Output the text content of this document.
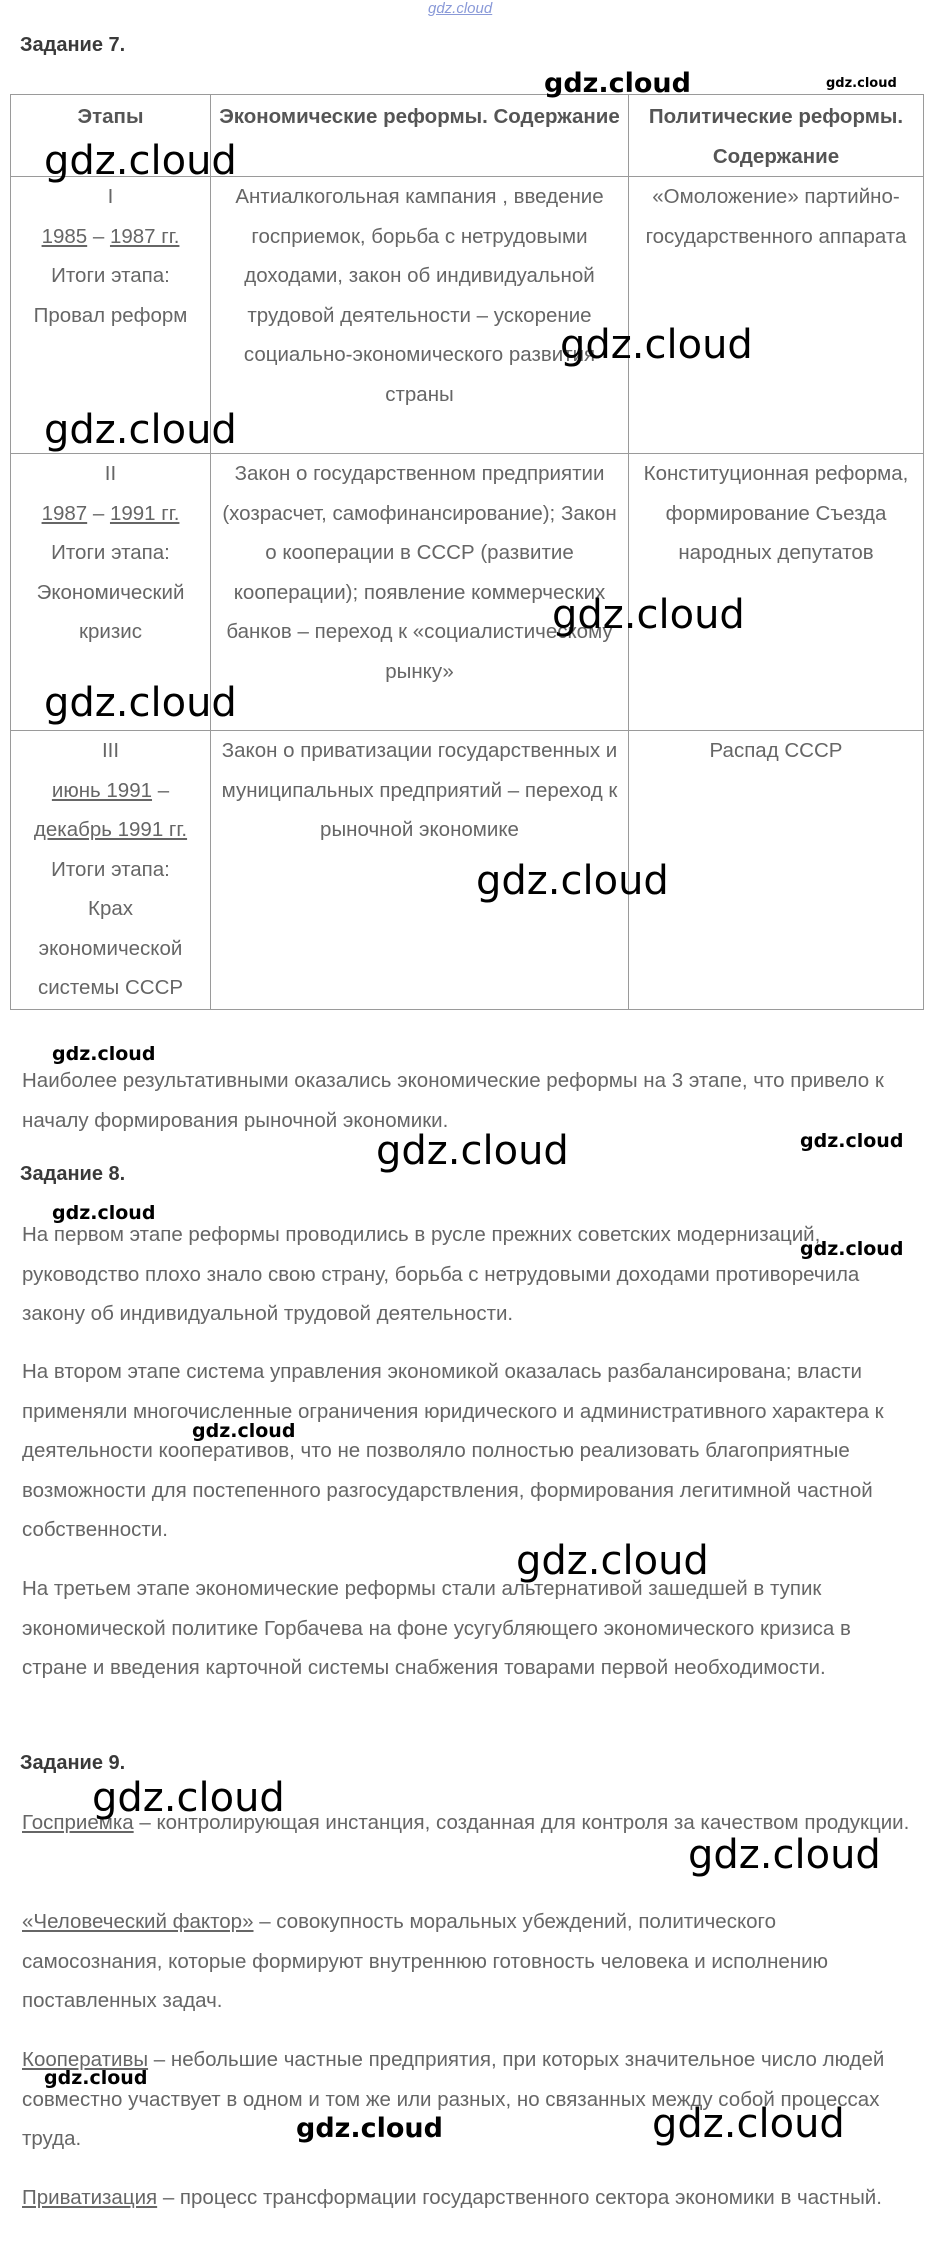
gdz.cloud
Задание 7.
Этапы	Экономические реформы. Содержание	Политические реформы. Содержание

I
1985 – 1987 гг.
Итоги этапа:
Провал реформ	Антиалкогольная кампания , введение госприемок, борьба с нетрудовыми доходами, закон об индивидуальной трудовой деятельности – ускорение социально-экономического развития страны	«Омоложение» партийно-государственного аппарата

II
1987 – 1991 гг.
Итоги этапа:
Экономический кризис	Закон о государственном предприятии (хозрасчет, самофинансирование); Закон о кооперации в СССР (развитие кооперации); появление коммерческих банков – переход к «социалистическому рынку»	Конституционная реформа, формирование Съезда народных депутатов

III
июнь 1991 – декабрь 1991 гг.
Итоги этапа:
Крах экономической системы СССР	Закон о приватизации государственных и муниципальных предприятий – переход к рыночной экономике	Распад СССР

Наиболее результативными оказались экономические реформы на 3 этапе, что привело к началу формирования рыночной экономики.

Задание 8.

На первом этапе реформы проводились в русле прежних советских модернизаций, руководство плохо знало свою страну, борьба с нетрудовыми доходами противоречила закону об индивидуальной трудовой деятельности.

На втором этапе система управления экономикой оказалась разбалансирована; власти применяли многочисленные ограничения юридического и административного характера к деятельности кооперативов, что не позволяло полностью реализовать благоприятные возможности для постепенного разгосударствления, формирования легитимной частной собственности.

На третьем этапе экономические реформы стали альтернативой зашедшей в тупик экономической политике Горбачева на фоне усугубляющего экономического кризиса в стране и введения карточной системы снабжения товарами первой необходимости.

Задание 9.

Госприемка – контролирующая инстанция, созданная для контроля за качеством продукции.

«Человеческий фактор» – совокупность моральных убеждений, политического самосознания, которые формируют внутреннюю готовность человека и исполнению поставленных задач.

Кооперативы – небольшие частные предприятия, при которых значительное число людей совместно участвует в одном и том же или разных, но связанных между собой процессах труда.

Приватизация – процесс трансформации государственного сектора экономики в частный.

gdz.cloud	gdz.cloud
gdz.cloud
gdz.cloud
gdz.cloud
gdz.cloud
gdz.cloud
gdz.cloud
gdz.cloud
gdz.cloud	gdz.cloud
gdz.cloud
gdz.cloud
gdz.cloud
gdz.cloud
gdz.cloud
gdz.cloud
gdz.cloud
gdz.cloud
gdz.cloud
